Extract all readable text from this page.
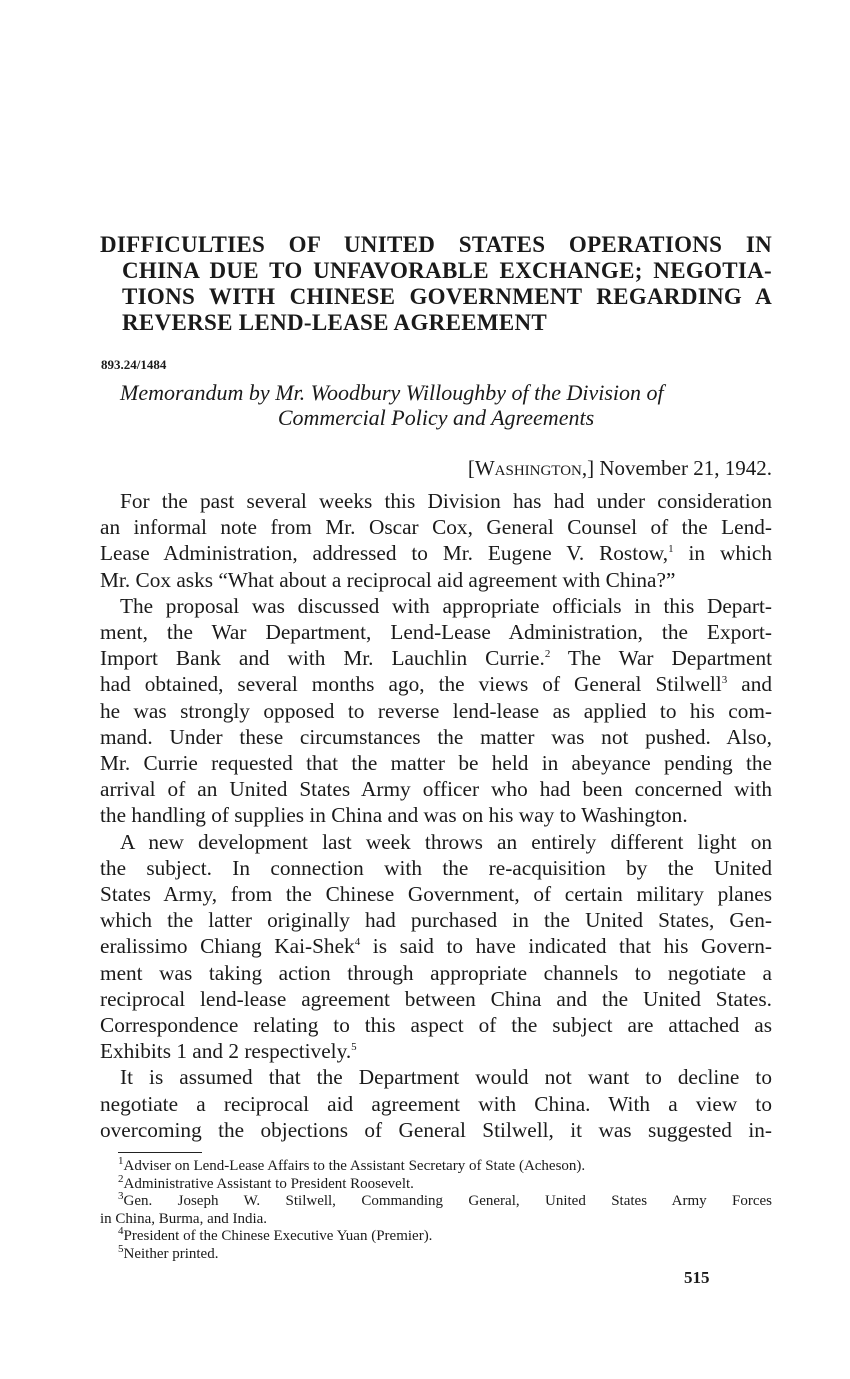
DIFFICULTIES OF UNITED STATES OPERATIONS IN
CHINA DUE TO UNFAVORABLE EXCHANGE; NEGOTIA-
TIONS WITH CHINESE GOVERNMENT REGARDING A
REVERSE LEND-LEASE AGREEMENT
893.24/1484
Memorandum by Mr. Woodbury Willoughby of the Division of
Commercial Policy and Agreements
[Washington,] November 21, 1942.

For the past several weeks this Division has had under consideration
an informal note from Mr. Oscar Cox, General Counsel of the Lend-
Lease Administration, addressed to Mr. Eugene V. Rostow,$^1$ in which
Mr. Cox asks “What about a reciprocal aid agreement with China?”

The proposal was discussed with appropriate officials in this Depart-
ment, the War Department, Lend-Lease Administration, the Export-
Import Bank and with Mr. Lauchlin Currie.$^2$ The War Department
had obtained, several months ago, the views of General Stilwell$^3$ and
he was strongly opposed to reverse lend-lease as applied to his com-
mand. Under these circumstances the matter was not pushed. Also,
Mr. Currie requested that the matter be held in abeyance pending the
arrival of an United States Army officer who had been concerned with
the handling of supplies in China and was on his way to Washington.

A new development last week throws an entirely different light on
the subject. In connection with the re-acquisition by the United
States Army, from the Chinese Government, of certain military planes
which the latter originally had purchased in the United States, Gen-
eralissimo Chiang Kai-Shek$^4$ is said to have indicated that his Govern-
ment was taking action through appropriate channels to negotiate a
reciprocal lend-lease agreement between China and the United States.
Correspondence relating to this aspect of the subject are attached as
Exhibits 1 and 2 respectively.$^5$

It is assumed that the Department would not want to decline to
negotiate a reciprocal aid agreement with China. With a view to
overcoming the objections of General Stilwell, it was suggested in-

$^1$Adviser on Lend-Lease Affairs to the Assistant Secretary of State (Acheson).
$^2$Administrative Assistant to President Roosevelt.
$^3$Gen. Joseph W. Stilwell, Commanding General, United States Army Forces
in China, Burma, and India.
$^4$President of the Chinese Executive Yuan (Premier).
$^5$Neither printed.
515
